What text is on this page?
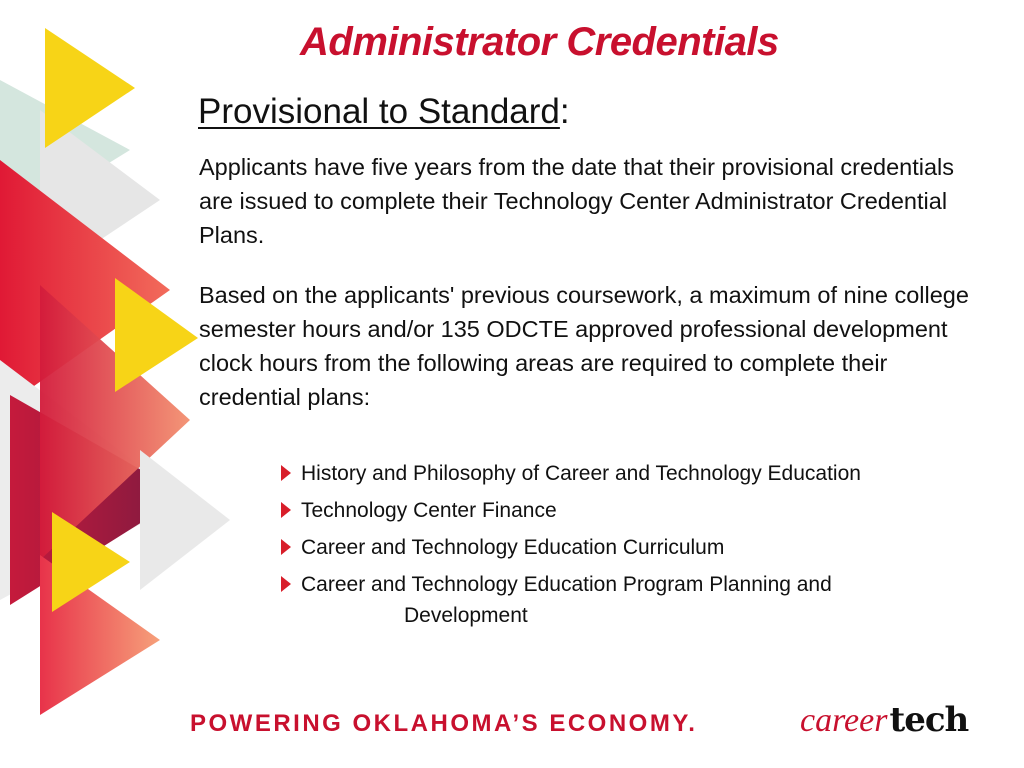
Administrator Credentials
Provisional to Standard:
Applicants have five years from the date that their provisional credentials are issued to complete their Technology Center Administrator Credential Plans.
Based on the applicants' previous coursework, a maximum of nine college semester hours and/or 135 ODCTE approved professional development clock hours from the following areas are required to complete their credential plans:
History and Philosophy of Career and Technology Education
Technology Center Finance
Career and Technology Education Curriculum
Career and Technology Education Program Planning and
Development
POWERING OKLAHOMA’S ECONOMY.	careertech
